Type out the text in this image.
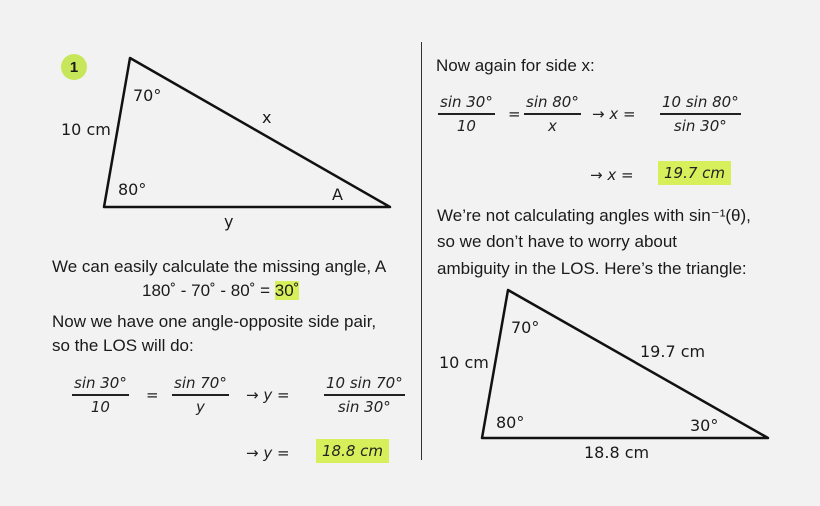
1
70°
80°	A
10 cm
x
y
We can easily calculate the missing angle, A
180˚ - 70˚ - 80˚ = 30˚
Now we have one angle-opposite side pair,
so the LOS will do:
sin 30°
10
=
sin 70°
y
→ y =
10 sin 70°
sin 30°
→ y =	18.8 cm
Now again for side x:
sin 30°
10
=
sin 80°
x
→ x =
10 sin 80°
sin 30°
→ x =	19.7 cm
We’re not calculating angles with sin⁻¹(θ),
so we don’t have to worry about
ambiguity in the LOS. Here’s the triangle:
70°
80°	30°
10 cm
19.7 cm
18.8 cm
